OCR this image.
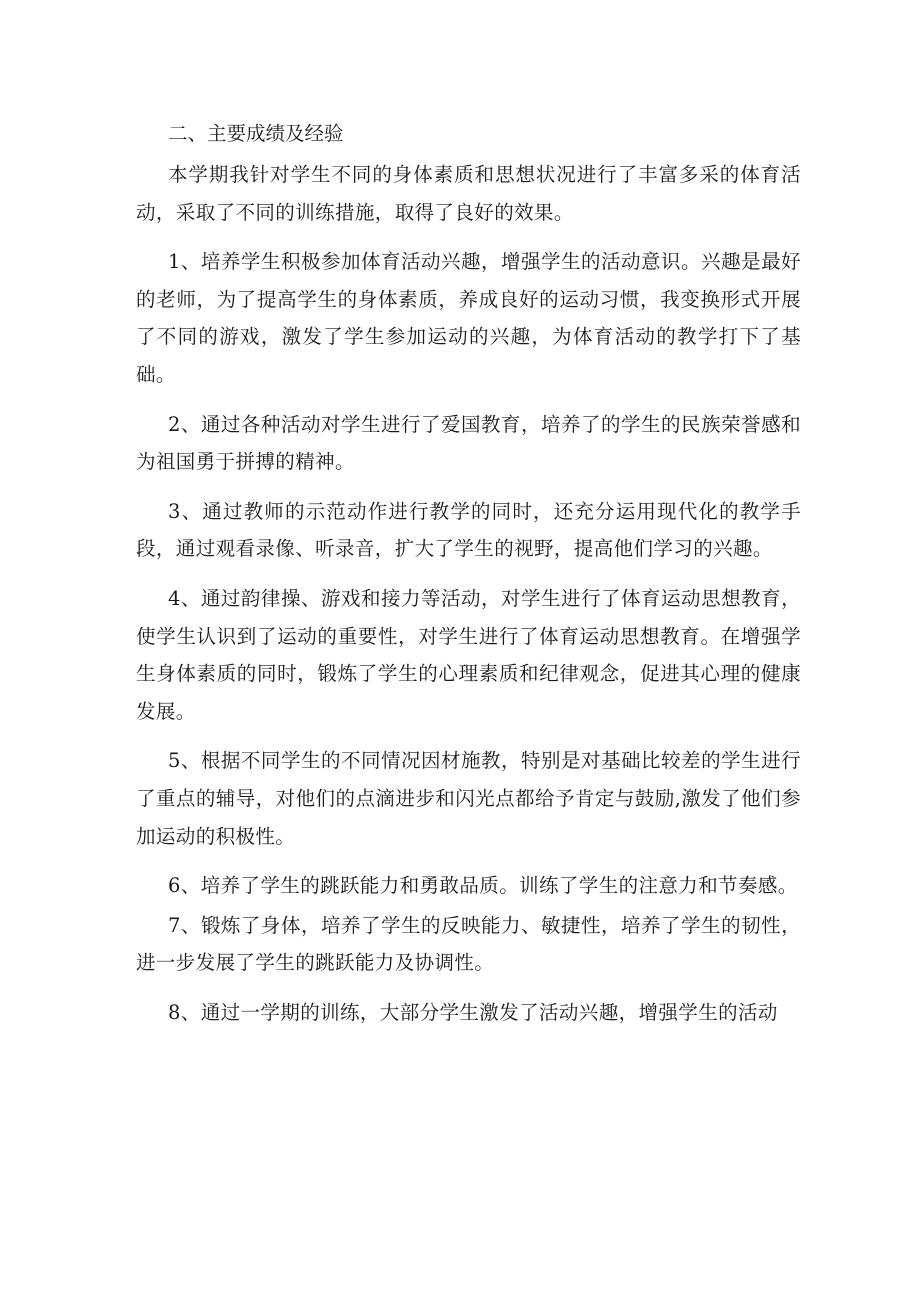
二、主要成绩及经验

本学期我针对学生不同的身体素质和思想状况进行了丰富多采的体育活动，采取了不同的训练措施，取得了良好的效果。

1、培养学生积极参加体育活动兴趣，增强学生的活动意识。兴趣是最好的老师，为了提高学生的身体素质，养成良好的运动习惯，我变换形式开展了不同的游戏，激发了学生参加运动的兴趣，为体育活动的教学打下了基础。

2、通过各种活动对学生进行了爱国教育，培养了的学生的民族荣誉感和为祖国勇于拼搏的精神。

3、通过教师的示范动作进行教学的同时，还充分运用现代化的教学手段，通过观看录像、听录音，扩大了学生的视野，提高他们学习的兴趣。

4、通过韵律操、游戏和接力等活动，对学生进行了体育运动思想教育，使学生认识到了运动的重要性，对学生进行了体育运动思想教育。在增强学生身体素质的同时，锻炼了学生的心理素质和纪律观念，促进其心理的健康发展。

5、根据不同学生的不同情况因材施教，特别是对基础比较差的学生进行了重点的辅导，对他们的点滴进步和闪光点都给予肯定与鼓励,激发了他们参加运动的积极性。

6、培养了学生的跳跃能力和勇敢品质。训练了学生的注意力和节奏感。

7、锻炼了身体，培养了学生的反映能力、敏捷性，培养了学生的韧性，进一步发展了学生的跳跃能力及协调性。

8、通过一学期的训练，大部分学生激发了活动兴趣，增强学生的活动
